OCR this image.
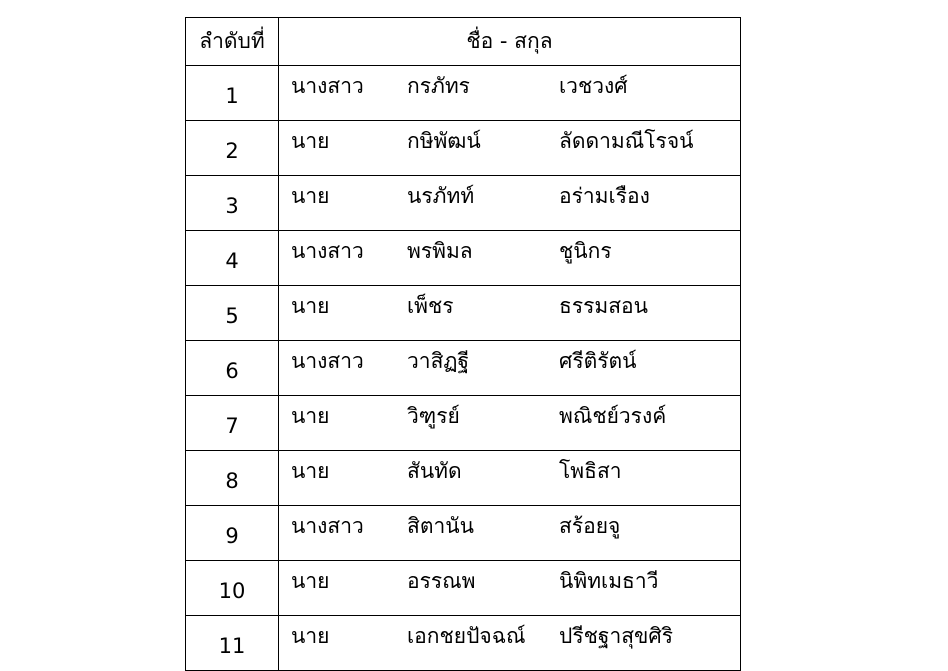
ลำดับที่	ชื่อ - สกุล
1	นางสาว กรภัทร เวชวงศ์

2	นาย กษิพัฒน์ ลัดดามณีโรจน์

3	นาย นรภัทท์ อร่ามเรือง

4	นางสาว พรพิมล ชูนิกร

5	นาย เพ็ชร ธรรมสอน

6	นางสาว วาสิฏฐี ศรีติรัตน์

7	นาย วิฑูรย์ พณิชย์วรงค์

8	นาย สันทัด โพธิสา

9	นางสาว สิตานัน สร้อยจู

10	นาย อรรณพ นิพิทเมธาวี

11	นาย เอกชยปัจฉณ์ ปรีชฐาสุขศิริ
